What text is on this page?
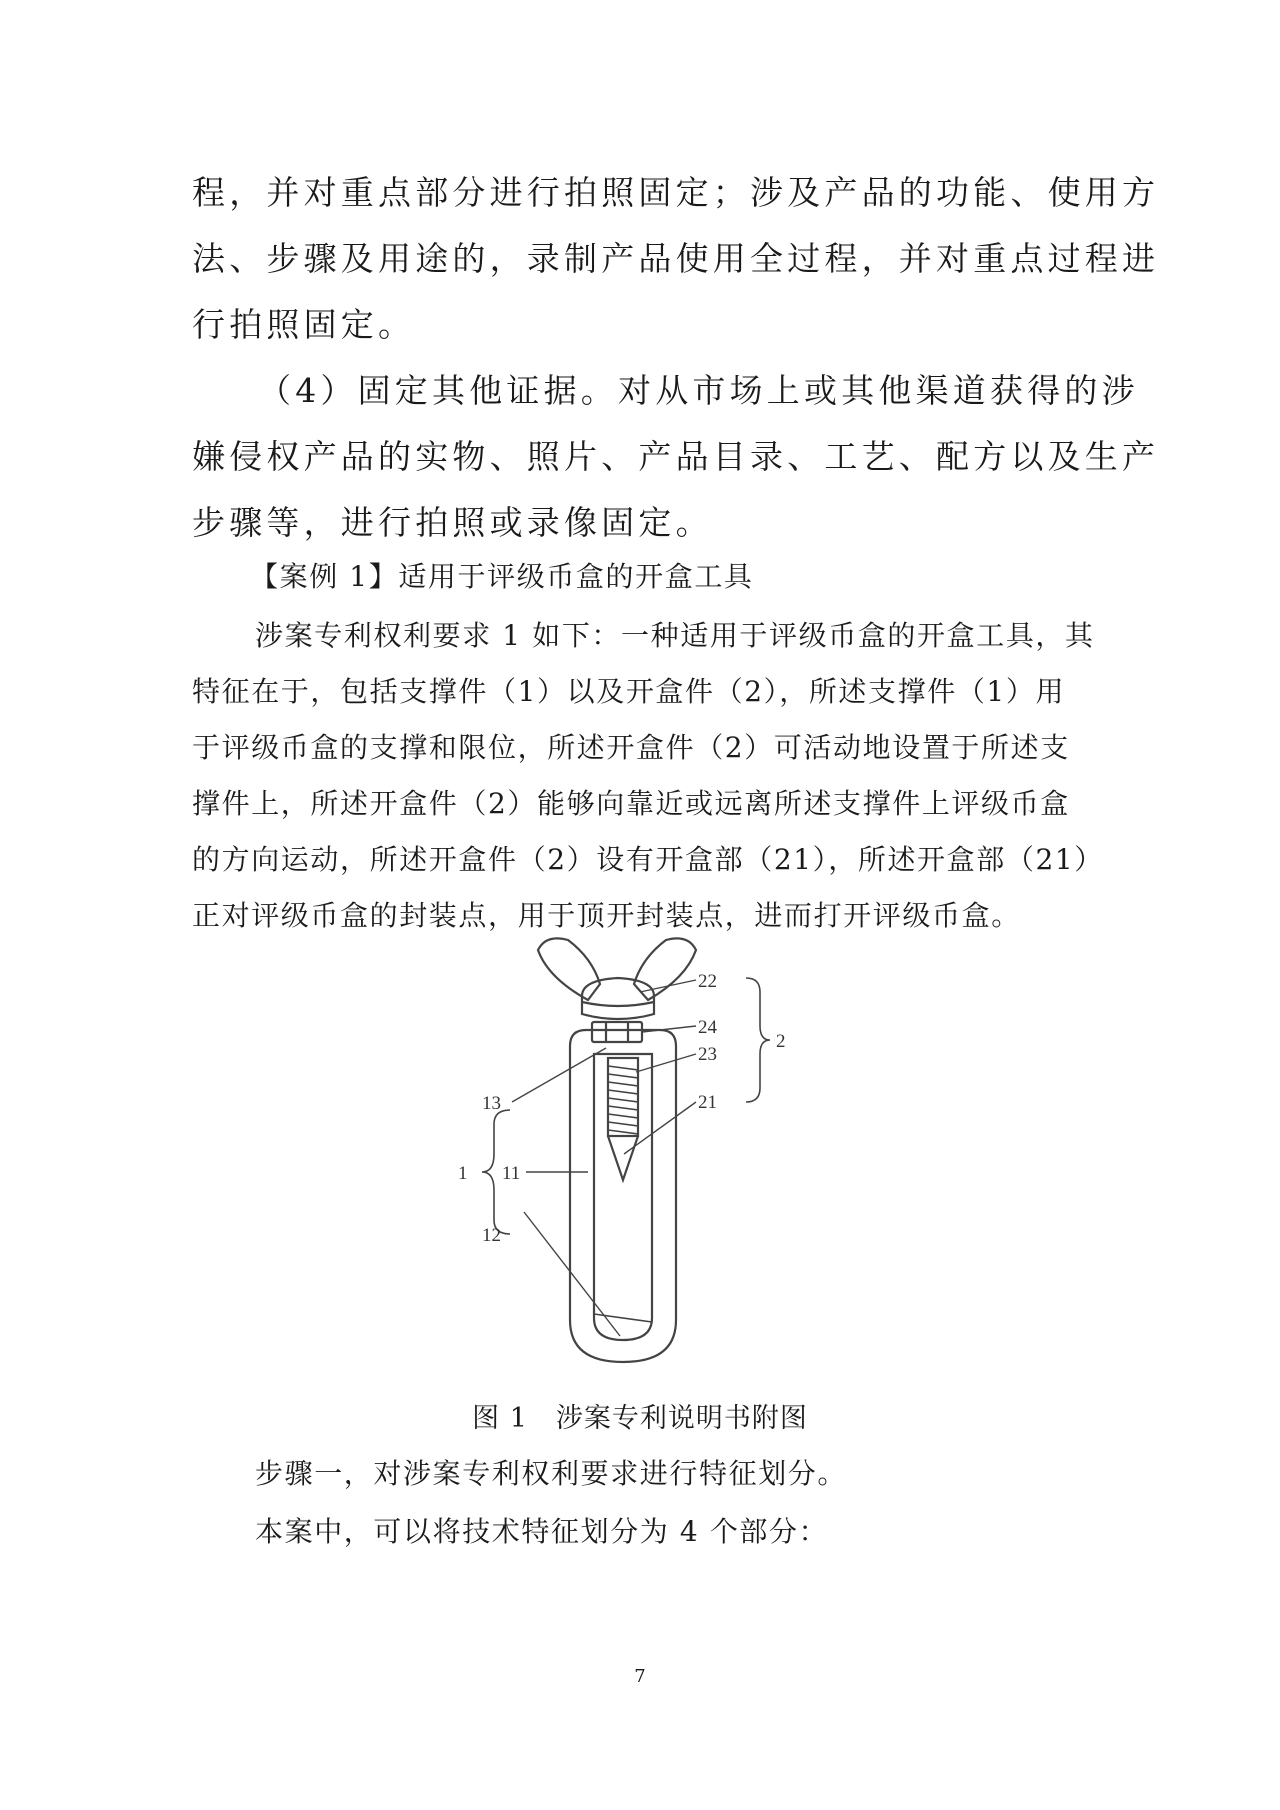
程，并对重点部分进行拍照固定；涉及产品的功能、使用方
法、步骤及用途的，录制产品使用全过程，并对重点过程进
行拍照固定。
（4）固定其他证据。对从市场上或其他渠道获得的涉
嫌侵权产品的实物、照片、产品目录、工艺、配方以及生产
步骤等，进行拍照或录像固定。
【案例 1】适用于评级币盒的开盒工具
涉案专利权利要求 1 如下：一种适用于评级币盒的开盒工具，其
特征在于，包括支撑件（1）以及开盒件（2），所述支撑件（1）用
于评级币盒的支撑和限位，所述开盒件（2）可活动地设置于所述支
撑件上，所述开盒件（2）能够向靠近或远离所述支撑件上评级币盒
的方向运动，所述开盒件（2）设有开盒部（21），所述开盒部（21）
正对评级币盒的封装点，用于顶开封装点，进而打开评级币盒。
22
24
2
23
21
13
1 11
12
图 1　涉案专利说明书附图
步骤一，对涉案专利权利要求进行特征划分。
本案中，可以将技术特征划分为 4 个部分：
7
